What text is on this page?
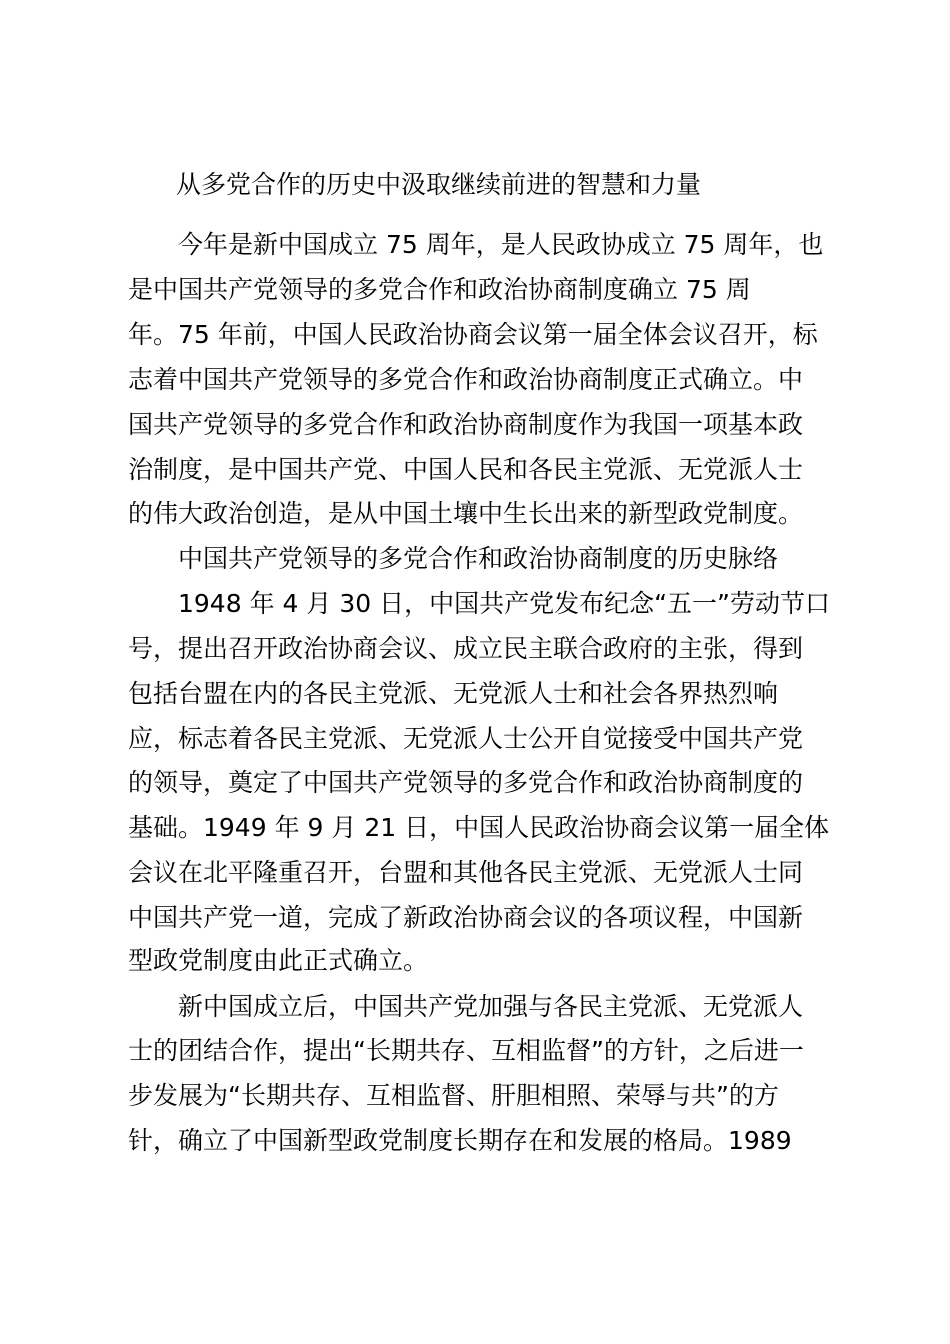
从多党合作的历史中汲取继续前进的智慧和力量
今年是新中国成立 75 周年，是人民政协成立 75 周年，也
是中国共产党领导的多党合作和政治协商制度确立 75 周
年。75 年前，中国人民政治协商会议第一届全体会议召开，标
志着中国共产党领导的多党合作和政治协商制度正式确立。中
国共产党领导的多党合作和政治协商制度作为我国一项基本政
治制度，是中国共产党、中国人民和各民主党派、无党派人士
的伟大政治创造，是从中国土壤中生长出来的新型政党制度。
中国共产党领导的多党合作和政治协商制度的历史脉络
1948 年 4 月 30 日，中国共产党发布纪念“五一”劳动节口
号，提出召开政治协商会议、成立民主联合政府的主张，得到
包括台盟在内的各民主党派、无党派人士和社会各界热烈响
应，标志着各民主党派、无党派人士公开自觉接受中国共产党
的领导，奠定了中国共产党领导的多党合作和政治协商制度的
基础。1949 年 9 月 21 日，中国人民政治协商会议第一届全体
会议在北平隆重召开，台盟和其他各民主党派、无党派人士同
中国共产党一道，完成了新政治协商会议的各项议程，中国新
型政党制度由此正式确立。
新中国成立后，中国共产党加强与各民主党派、无党派人
士的团结合作，提出“长期共存、互相监督”的方针，之后进一
步发展为“长期共存、互相监督、肝胆相照、荣辱与共”的方
针，确立了中国新型政党制度长期存在和发展的格局。1989
